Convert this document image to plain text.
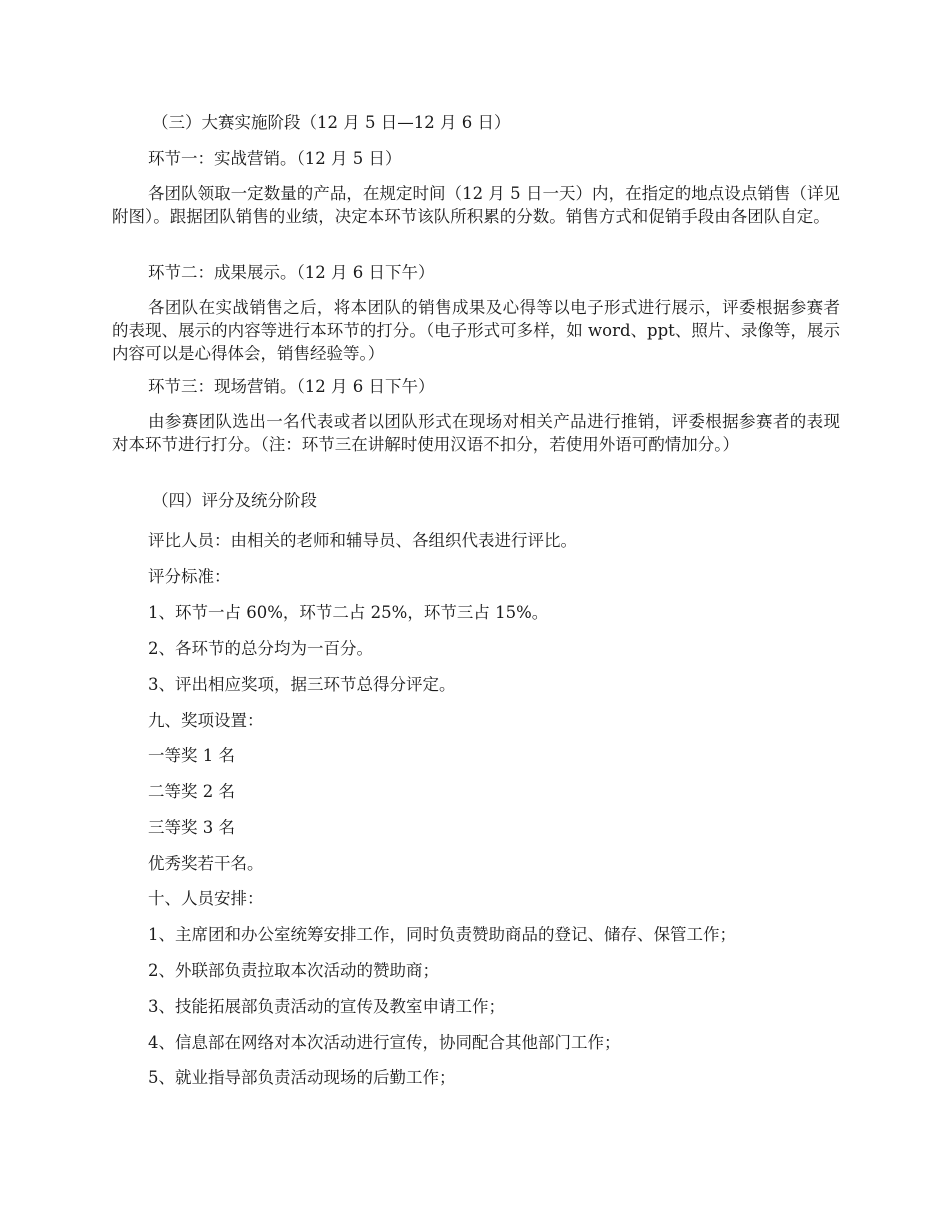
（三）大赛实施阶段（12 月 5 日—12 月 6 日）
环节一：实战营销。（12 月 5 日）
各团队领取一定数量的产品，在规定时间（12 月 5 日一天）内，在指定的地点设点销售（详见附图）。跟据团队销售的业绩，决定本环节该队所积累的分数。销售方式和促销手段由各团队自定。
环节二：成果展示。（12 月 6 日下午）
各团队在实战销售之后，将本团队的销售成果及心得等以电子形式进行展示，评委根据参赛者的表现、展示的内容等进行本环节的打分。（电子形式可多样，如 word、ppt、照片、录像等，展示内容可以是心得体会，销售经验等。）
环节三：现场营销。（12 月 6 日下午）
由参赛团队选出一名代表或者以团队形式在现场对相关产品进行推销，评委根据参赛者的表现对本环节进行打分。（注：环节三在讲解时使用汉语不扣分，若使用外语可酌情加分。）
（四）评分及统分阶段
评比人员：由相关的老师和辅导员、各组织代表进行评比。
评分标准：
1、环节一占 60%，环节二占 25%，环节三占 15%。
2、各环节的总分均为一百分。
3、评出相应奖项，据三环节总得分评定。
九、奖项设置：
一等奖 1 名
二等奖 2 名
三等奖 3 名
优秀奖若干名。
十、人员安排：
1、主席团和办公室统筹安排工作，同时负责赞助商品的登记、储存、保管工作；
2、外联部负责拉取本次活动的赞助商；
3、技能拓展部负责活动的宣传及教室申请工作；
4、信息部在网络对本次活动进行宣传，协同配合其他部门工作；
5、就业指导部负责活动现场的后勤工作；
